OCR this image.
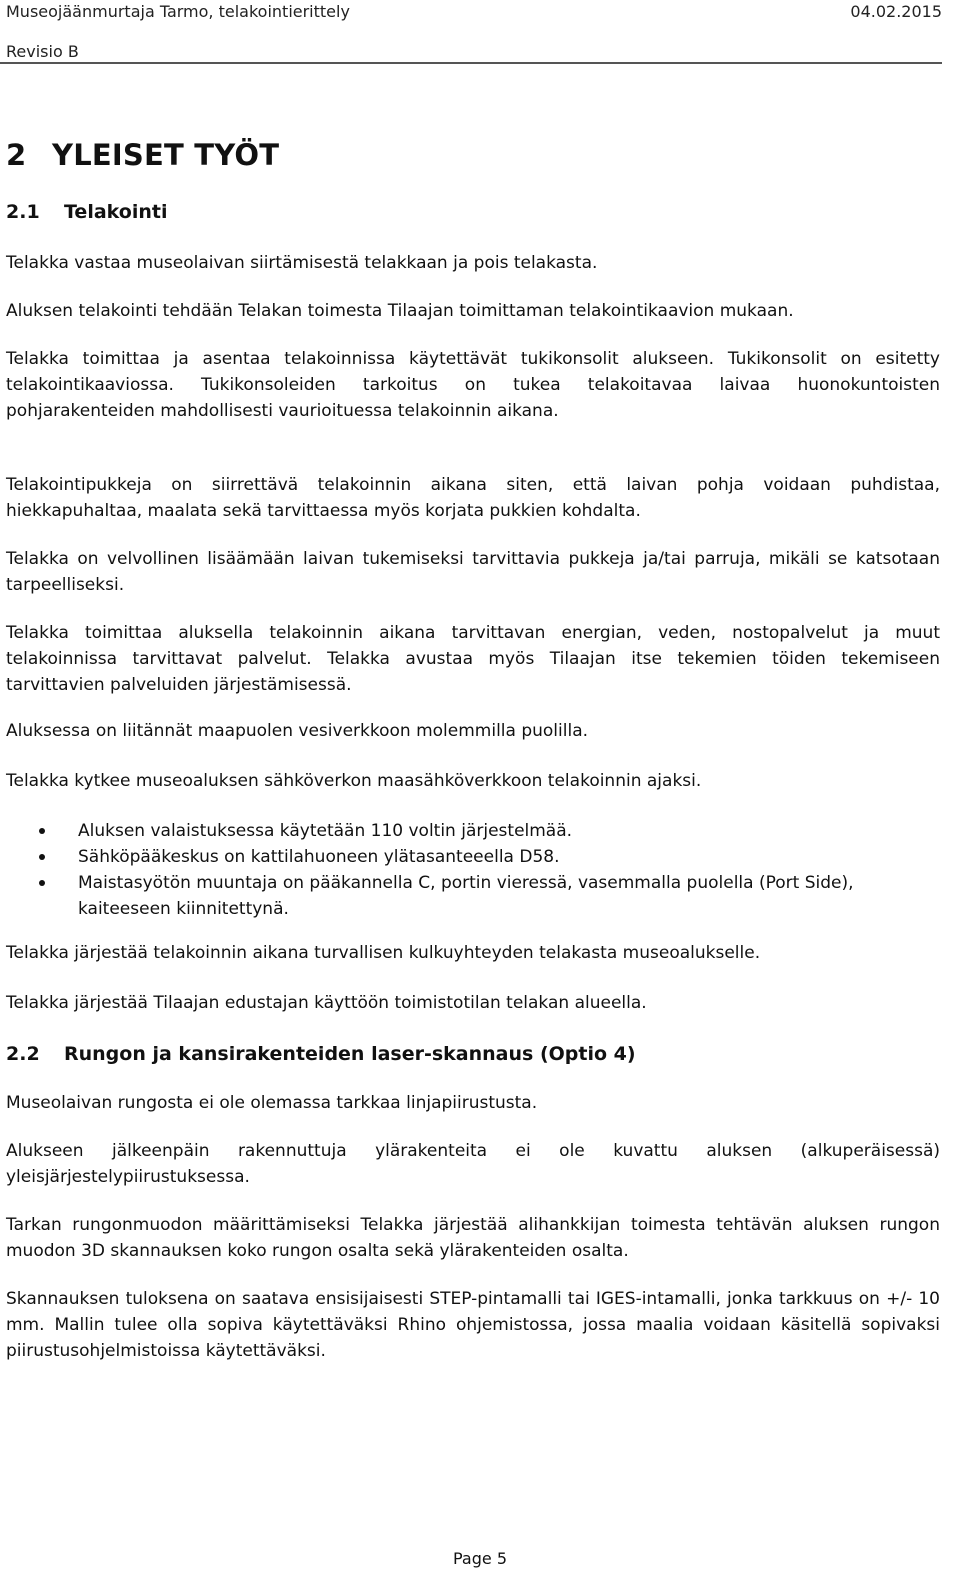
Museojäänmurtaja Tarmo, telakointierittely	04.02.2015
Revisio B
2 YLEISET TYÖT
2.1 Telakointi

Telakka vastaa museolaivan siirtämisestä telakkaan ja pois telakasta.

Aluksen telakointi tehdään Telakan toimesta Tilaajan toimittaman telakointikaavion mukaan.

Telakka toimittaa ja asentaa telakoinnissa käytettävät tukikonsolit alukseen. Tukikonsolit on esitetty telakointikaaviossa. Tukikonsoleiden tarkoitus on tukea telakoitavaa laivaa huonokuntoisten pohjarakenteiden mahdollisesti vaurioituessa telakoinnin aikana.

Telakointipukkeja on siirrettävä telakoinnin aikana siten, että laivan pohja voidaan puhdistaa, hiekkapuhaltaa, maalata sekä tarvittaessa myös korjata pukkien kohdalta.

Telakka on velvollinen lisäämään laivan tukemiseksi tarvittavia pukkeja ja/tai parruja, mikäli se katsotaan tarpeelliseksi.

Telakka toimittaa aluksella telakoinnin aikana tarvittavan energian, veden, nostopalvelut ja muut telakoinnissa tarvittavat palvelut. Telakka avustaa myös Tilaajan itse tekemien töiden tekemiseen tarvittavien palveluiden järjestämisessä.

Aluksessa on liitännät maapuolen vesiverkkoon molemmilla puolilla.

Telakka kytkee museoaluksen sähköverkon maasähköverkkoon telakoinnin ajaksi.

Aluksen valaistuksessa käytetään 110 voltin järjestelmää.
Sähköpääkeskus on kattilahuoneen ylätasanteeella D58.
Maistasyötön muuntaja on pääkannella C, portin vieressä, vasemmalla puolella (Port Side), kaiteeseen kiinnitettynä.

Telakka järjestää telakoinnin aikana turvallisen kulkuyhteyden telakasta museoalukselle.

Telakka järjestää Tilaajan edustajan käyttöön toimistotilan telakan alueella.

2.2 Rungon ja kansirakenteiden laser-skannaus (Optio 4)

Museolaivan rungosta ei ole olemassa tarkkaa linjapiirustusta.

Alukseen jälkeenpäin rakennuttuja ylärakenteita ei ole kuvattu aluksen (alkuperäisessä) yleisjärjestelypiirustuksessa.

Tarkan rungonmuodon määrittämiseksi Telakka järjestää alihankkijan toimesta tehtävän aluksen rungon muodon 3D skannauksen koko rungon osalta sekä ylärakenteiden osalta.

Skannauksen tuloksena on saatava ensisijaisesti STEP-pintamalli tai IGES-intamalli, jonka tarkkuus on +/- 10 mm. Mallin tulee olla sopiva käytettäväksi Rhino ohjemistossa, jossa maalia voidaan käsitellä sopivaksi piirustusohjelmistoissa käytettäväksi.

Page 5
